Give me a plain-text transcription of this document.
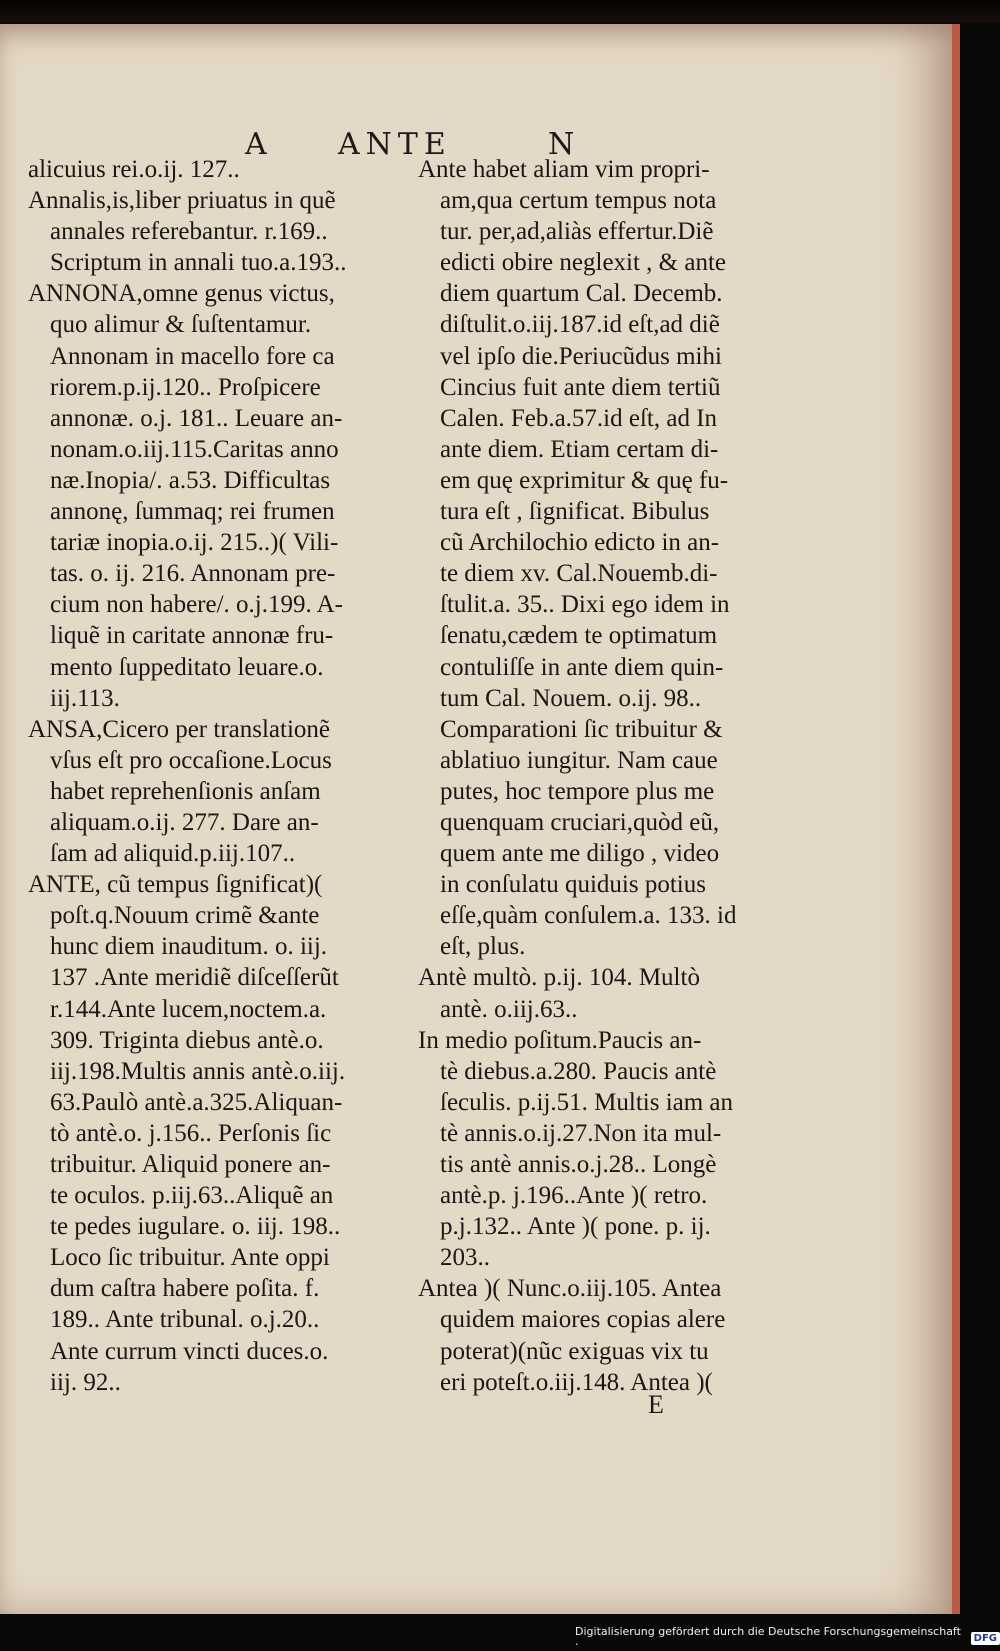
A ANTE	N
alicuius rei.o.ij. 127..
Annalis,is,liber priuatus in quẽ
annales referebantur. r.169..
Scriptum in annali tuo.a.193..
ANNONA,omne genus victus,
quo alimur & ſuſtentamur.
Annonam in macello fore ca
riorem.p.ij.120.. Proſpicere
annonæ. o.j. 181.. Leuare an-
nonam.o.iij.115.Caritas anno
næ.Inopia/. a.53. Difficultas
annonę, ſummaq; rei frumen
tariæ inopia.o.ij. 215..)( Vili-
tas. o. ij. 216. Annonam pre-
cium non habere/. o.j.199. A-
liquẽ in caritate annonæ fru-
mento ſuppeditato leuare.o.
iij.113.
ANSA,Cicero per translationẽ
vſus eſt pro occaſione.Locus
habet reprehenſionis anſam
aliquam.o.ij. 277. Dare an-
ſam ad aliquid.p.iij.107..
ANTE, cũ tempus ſignificat)(
poſt.q.Nouum crimẽ &ante
hunc diem inauditum. o. iij.
137 .Ante meridiẽ diſceſſerũt
r.144.Ante lucem,noctem.a.
309. Triginta diebus antè.o.
iij.198.Multis annis antè.o.iij.
63.Paulò antè.a.325.Aliquan-
tò antè.o. j.156.. Perſonis ſic
tribuitur. Aliquid ponere an-
te oculos. p.iij.63..Aliquẽ an
te pedes iugulare. o. iij. 198..
Loco ſic tribuitur. Ante oppi
dum caſtra habere poſita. f.
189.. Ante tribunal. o.j.20..
Ante currum vincti duces.o.
iij. 92..
Ante habet aliam vim propri-
am,qua certum tempus nota
tur. per,ad,aliàs effertur.Diẽ
edicti obire neglexit , & ante
diem quartum Cal. Decemb.
diſtulit.o.iij.187.id eſt,ad diẽ
vel ipſo die.Periucũdus mihi
Cincius fuit ante diem tertiũ
Calen. Feb.a.57.id eſt, ad In
ante diem. Etiam certam di-
em quę exprimitur & quę fu-
tura eſt , ſignificat. Bibulus
cũ Archilochio edicto in an-
te diem xv. Cal.Nouemb.di-
ſtulit.a. 35.. Dixi ego idem in
ſenatu,cædem te optimatum
contuliſſe in ante diem quin-
tum Cal. Nouem. o.ij. 98..
Comparationi ſic tribuitur &
ablatiuo iungitur. Nam caue
putes, hoc tempore plus me
quenquam cruciari,quòd eũ,
quem ante me diligo , video
in conſulatu quiduis potius
eſſe,quàm conſulem.a. 133. id
eſt, plus.
Antè multò. p.ij. 104. Multò
antè. o.iij.63..
In medio poſitum.Paucis an-
tè diebus.a.280. Paucis antè
ſeculis. p.ij.51. Multis iam an
tè annis.o.ij.27.Non ita mul-
tis antè annis.o.j.28.. Longè
antè.p. j.196..Ante )( retro.
p.j.132.. Ante )( pone. p. ij.
203..
Antea )( Nunc.o.iij.105. Antea
quidem maiores copias alere
poterat)(nũc exiguas vix tu
eri poteſt.o.iij.148. Antea )(
E
Digitalisierung gefördert durch die Deutsche Forschungsgemeinschaft ·	DFG
